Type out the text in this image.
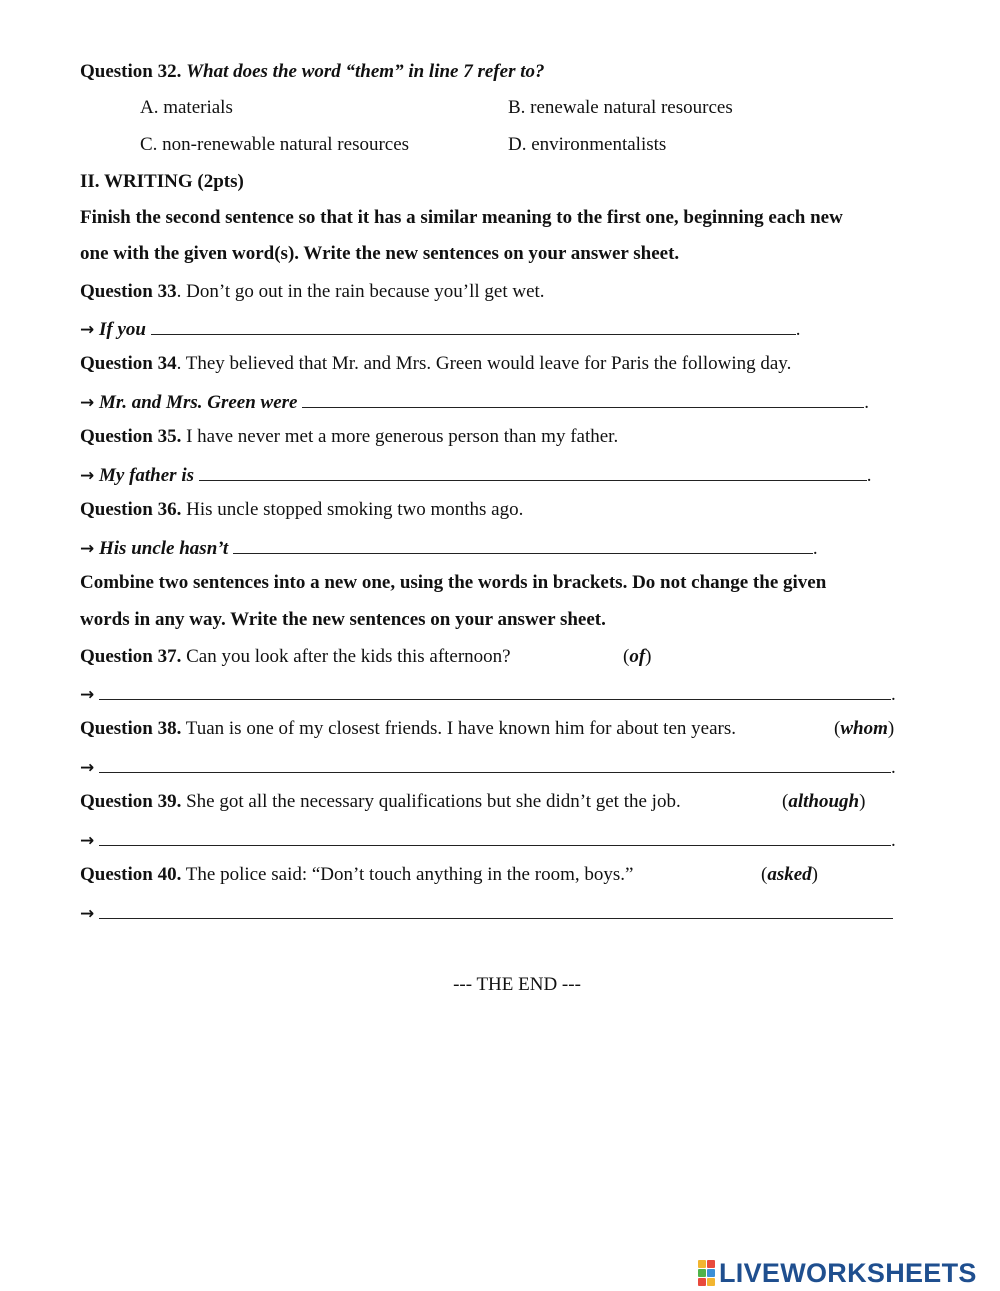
Question 32. What does the word “them” in line 7 refer to?
A. materials	B. renewale natural resources
C. non-renewable natural resources	D. environmentalists
II. WRITING (2pts)
Finish the second sentence so that it has a similar meaning to the first one, beginning each new
one with the given word(s). Write the new sentences on your answer sheet.
Question 33. Don’t go out in the rain because you’ll get wet.
→ If you	.
Question 34. They believed that Mr. and Mrs. Green would leave for Paris the following day.
→ Mr. and Mrs. Green were	.
Question 35. I have never met a more generous person than my father.
→ My father is	.
Question 36. His uncle stopped smoking two months ago.
→ His uncle hasn’t	.
Combine two sentences into a new one, using the words in brackets. Do not change the given
words in any way. Write the new sentences on your answer sheet.
Question 37. Can you look after the kids this afternoon?	(of)
→	.
Question 38. Tuan is one of my closest friends. I have known him for about ten years.	(whom)
→	.
Question 39. She got all the necessary qualifications but she didn’t get the job.	(although)
→	.
Question 40. The police said: “Don’t touch anything in the room, boys.”	(asked)
→
--- THE END ---
LIVEWORKSHEETS
